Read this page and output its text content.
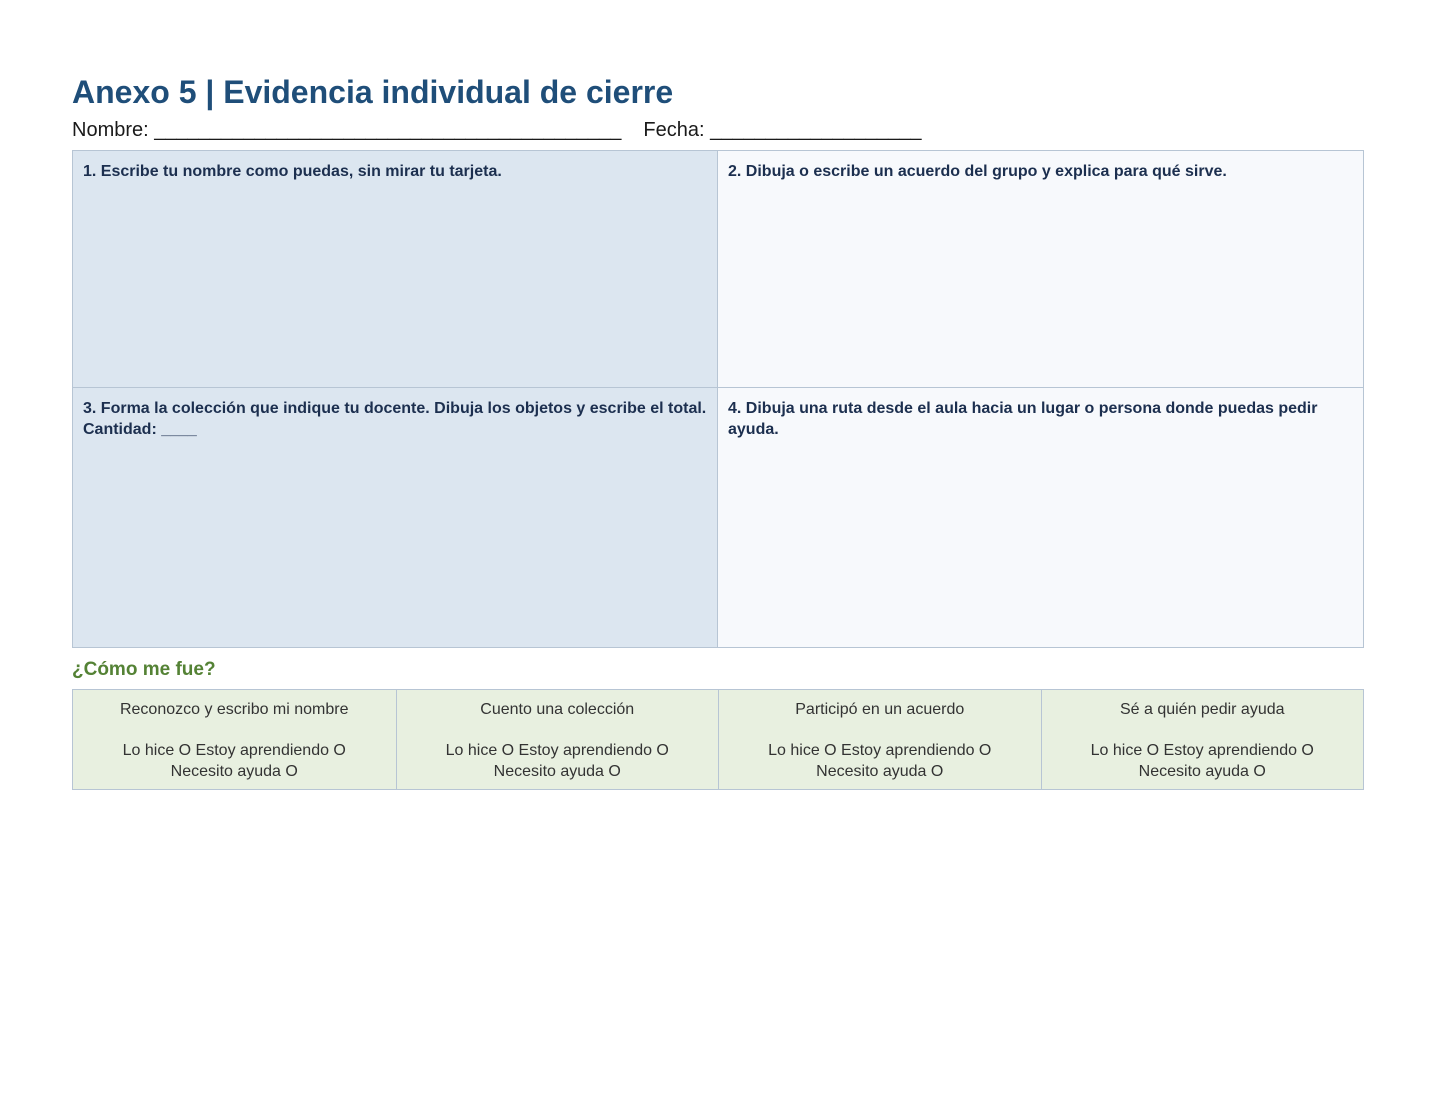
Anexo 5 | Evidencia individual de cierre
Nombre: __________________________________________ Fecha: ___________________
1. Escribe tu nombre como puedas, sin mirar tu tarjeta.	2. Dibuja o escribe un acuerdo del grupo y explica para qué sirve.
3. Forma la colección que indique tu docente. Dibuja los objetos y escribe el total. Cantidad: ____
4. Dibuja una ruta desde el aula hacia un lugar o persona donde puedas pedir ayuda.
¿Cómo me fue?
Reconozco y escribo mi nombre
Lo hice O Estoy aprendiendo O
Necesito ayuda O
Cuento una colección
Lo hice O Estoy aprendiendo O
Necesito ayuda O
Participó en un acuerdo
Lo hice O Estoy aprendiendo O
Necesito ayuda O
Sé a quién pedir ayuda
Lo hice O Estoy aprendiendo O
Necesito ayuda O
